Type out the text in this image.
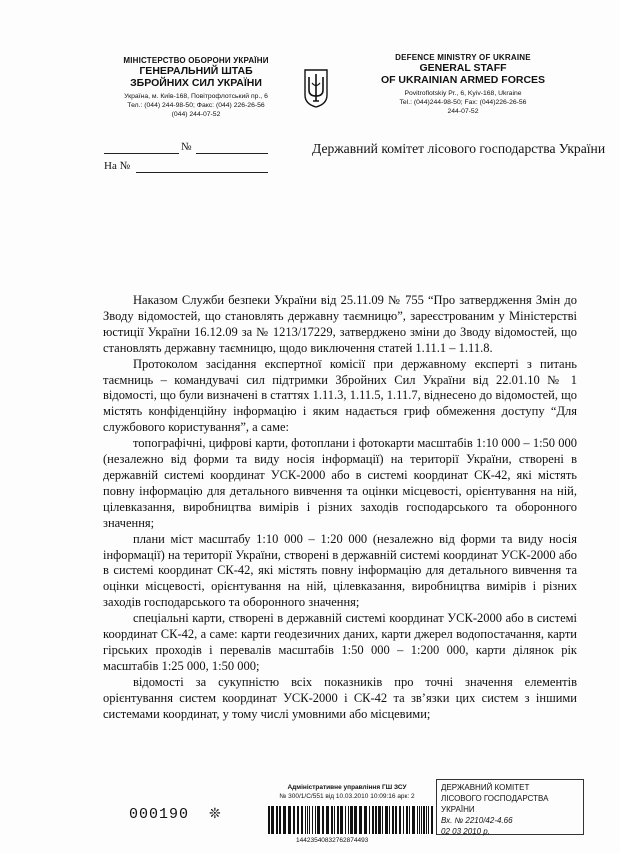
МІНІСТЕРСТВО ОБОРОНИ УКРАЇНИ
ГЕНЕРАЛЬНИЙ ШТАБ
ЗБРОЙНИХ СИЛ УКРАЇНИ
Україна, м. Київ-168, Повітрофлотський пр., 6
Тел.: (044) 244-98-50; Факс: (044) 226-26-56
(044) 244-07-52
DEFENCE MINISTRY OF UKRAINE
GENERAL STAFF
OF UKRAINIAN ARMED FORCES
Povitroflotskiy Pr., 6, Kyiv-168, Ukraine
Tel.: (044)244-98-50; Fax: (044)226-26-56
244-07-52
№
На №
Державний комітет лісового господарства України

Наказом Служби безпеки України від 25.11.09 № 755 “Про затвердження Змін до Зводу відомостей, що становлять державну таємницю”, зареєстрованим у Міністерстві юстиції України 16.12.09 за № 1213/17229, затверджено зміни до Зводу відомостей, що становлять державну таємницю, щодо виключення статей 1.11.1 – 1.11.8.

Протоколом засідання експертної комісії при державному експерті з питань таємниць – командувачі сил підтримки Збройних Сил України від 22.01.10 № 1 відомості, що були визначені в статтях 1.11.3, 1.11.5, 1.11.7, віднесено до відомостей, що містять конфіденційну інформацію і яким надається гриф обмеження доступу “Для службового користування”, а саме:

топографічні, цифрові карти, фотоплани і фотокарти масштабів 1:10 000 – 1:50 000 (незалежно від форми та виду носія інформації) на території України, створені в державній системі координат УСК-2000 або в системі координат СК-42, які містять повну інформацію для детального вивчення та оцінки місцевості, орієнтування на ній, цілевказання, виробництва вимірів і різних заходів господарського та оборонного значення;

плани міст масштабу 1:10 000 – 1:20 000 (незалежно від форми та виду носія інформації) на території України, створені в державній системі координат УСК-2000 або в системі координат СК-42, які містять повну інформацію для детального вивчення та оцінки місцевості, орієнтування на ній, цілевказання, виробництва вимірів і різних заходів господарського та оборонного значення;

спеціальні карти, створені в державній системі координат УСК-2000 або в системі координат СК-42, а саме: карти геодезичних даних, карти джерел водопостачання, карти гірських проходів і перевалів масштабів 1:50 000 – 1:200 000, карти ділянок рік масштабів 1:25 000, 1:50 000;

відомості за сукупністю всіх показників про точні значення елементів орієнтування систем координат УСК-2000 і СК-42 та зв’язки цих систем з іншими системами координат, у тому числі умовними або місцевими;

Адміністративне управління ГШ ЗСУ
№ 300/1/С/551 від 10.03.2010 10:09:16 арк: 2
14423540832762874493
000190 ❊
ДЕРЖАВНИЙ КОМІТЕТ
ЛІСОВОГО ГОСПОДАРСТВА УКРАЇНИ
Вх. № 2210/42-4.66
02 03 2010 р.
